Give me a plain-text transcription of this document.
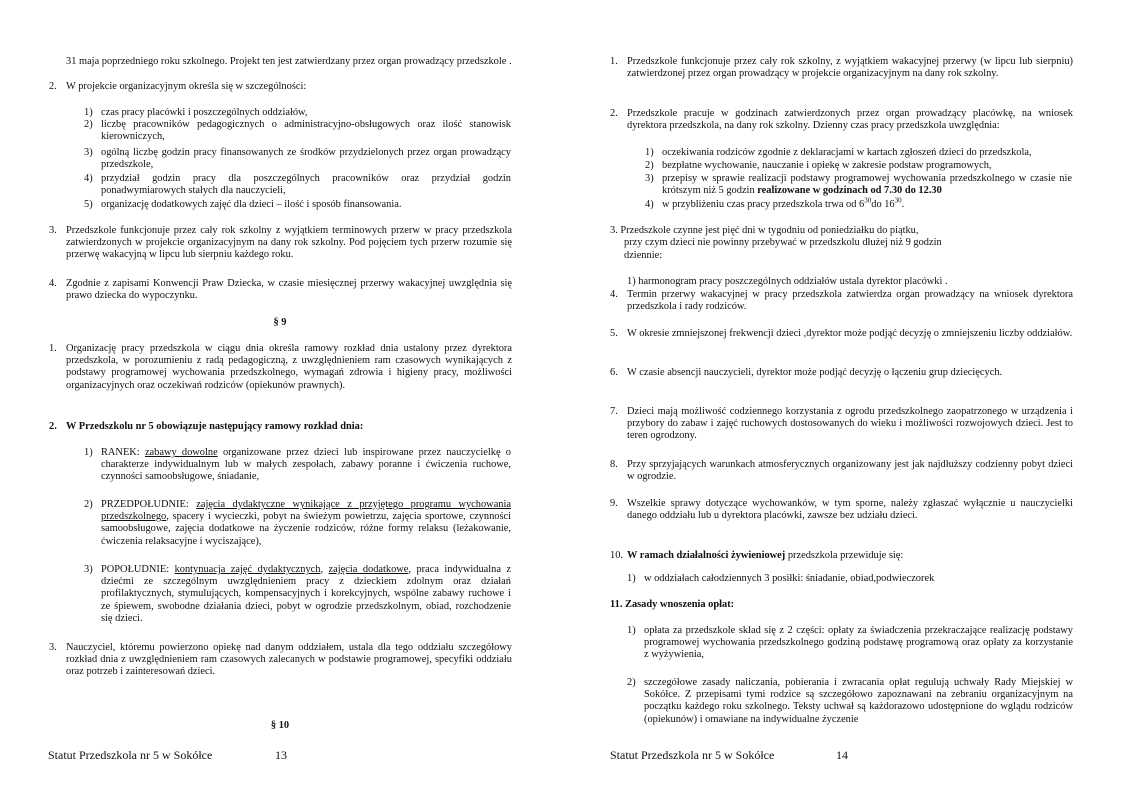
31 maja poprzedniego roku szkolnego. Projekt ten jest zatwierdzany przez organ prowadzący przedszkole .

2. W projekcie organizacyjnym określa się w szczególności:

1) czas pracy placówki i poszczególnych oddziałów,

2) liczbę pracowników pedagogicznych o administracyjno-obsługowych oraz ilość stanowisk kierowniczych,

3) ogólną liczbę godzin pracy finansowanych ze środków przydzielonych przez organ prowadzący przedszkole,

4) przydział godzin pracy dla poszczególnych pracowników oraz przydział godzin ponadwymiarowych stałych dla nauczycieli,

5) organizację dodatkowych zajęć dla dzieci – ilość i sposób finansowania.

3. Przedszkole funkcjonuje przez cały rok szkolny z wyjątkiem terminowych przerw w pracy przedszkola zatwierdzonych w projekcie organizacyjnym na dany rok szkolny. Pod pojęciem tych przerw rozumie się przerwę wakacyjną w lipcu lub sierpniu każdego roku.

4. Zgodnie z zapisami Konwencji Praw Dziecka, w czasie miesięcznej przerwy wakacyjnej uwzględnia się prawo dziecka do wypoczynku.

§ 9

1. Organizację pracy przedszkola w ciągu dnia określa ramowy rozkład dnia ustalony przez dyrektora przedszkola, w porozumieniu z radą pedagogiczną, z uwzględnieniem ram czasowych wynikających z podstawy programowej wychowania przedszkolnego, wymagań zdrowia i higieny pracy, możliwości organizacyjnych oraz oczekiwań rodziców (opiekunów prawnych).

2. W Przedszkolu nr 5 obowiązuje następujący ramowy rozkład dnia:

1) RANEK: zabawy dowolne organizowane przez dzieci lub inspirowane przez nauczycielkę o charakterze indywidualnym lub w małych zespołach, zabawy poranne i ćwiczenia ruchowe, czynności samoobsługowe, śniadanie,

2) PRZEDPOŁUDNIE: zajęcia dydaktyczne wynikające z przyjętego programu wychowania przedszkolnego, spacery i wycieczki, pobyt na świeżym powietrzu, zajęcia sportowe, czynności samoobsługowe, zajęcia dodatkowe na życzenie rodziców, różne formy relaksu (leżakowanie, ćwiczenia relaksacyjne i wyciszające),

3) POPOŁUDNIE: kontynuacja zajęć dydaktycznych, zajęcia dodatkowe, praca indywidualna z dziećmi ze szczególnym uwzględnieniem pracy z dzieckiem zdolnym oraz działań profilaktycznych, stymulujących, kompensacyjnych i korekcyjnych, wspólne zabawy ruchowe i ze śpiewem, swobodne działania dzieci, pobyt w ogrodzie przedszkolnym, obiad, rozchodzenie się dzieci.

3. Nauczyciel, któremu powierzono opiekę nad danym oddziałem, ustala dla tego oddziału szczegółowy rozkład dnia z uwzględnieniem ram czasowych zalecanych w podstawie programowej, specyfiki oddziału oraz potrzeb i zainteresowań dzieci.

§ 10

Statut Przedszkola nr 5 w Sokółce	13
1. Przedszkole funkcjonuje przez cały rok szkolny, z wyjątkiem wakacyjnej przerwy (w lipcu lub sierpniu) zatwierdzonej przez organ prowadzący w projekcie organizacyjnym na dany rok szkolny.

2. Przedszkole pracuje w godzinach zatwierdzonych przez organ prowadzący placówkę, na wniosek dyrektora przedszkola, na dany rok szkolny. Dzienny czas pracy przedszkola uwzględnia:

1) oczekiwania rodziców zgodnie z deklaracjami w kartach zgłoszeń dzieci do przedszkola,

2) bezpłatne wychowanie, nauczanie i opiekę w zakresie podstaw programowych,

3) przepisy w sprawie realizacji podstawy programowej wychowania przedszkolnego w czasie nie krótszym niż 5 godzin realizowane w godzinach od 7.30 do 12.30

4) w przybliżeniu czas pracy przedszkola trwa od $6^{30}do$ $16^{30}$.

3. Przedszkole czynne jest pięć dni w tygodniu od poniedziałku do piątku,

przy czym dzieci nie powinny przebywać w przedszkolu dłużej niż 9 godzin

dziennie:

1) harmonogram pracy poszczególnych oddziałów ustala dyrektor placówki .

4. Termin przerwy wakacyjnej w pracy przedszkola zatwierdza organ prowadzący na wniosek dyrektora przedszkola i rady rodziców.

5. W okresie zmniejszonej frekwencji dzieci ,dyrektor może podjąć decyzję o zmniejszeniu liczby oddziałów.

6. W czasie absencji nauczycieli, dyrektor może podjąć decyzję o łączeniu grup dziecięcych.

7. Dzieci mają możliwość codziennego korzystania z ogrodu przedszkolnego zaopatrzonego w urządzenia i przybory do zabaw i zajęć ruchowych dostosowanych do wieku i możliwości rozwojowych dzieci. Jest to teren ogrodzony.

8. Przy sprzyjających warunkach atmosferycznych organizowany jest jak najdłuższy codzienny pobyt dzieci w ogrodzie.

9. Wszelkie sprawy dotyczące wychowanków, w tym sporne, należy zgłaszać wyłącznie u nauczycielki danego oddziału lub u dyrektora placówki, zawsze bez udziału dzieci.

10. W ramach działalności żywieniowej przedszkola przewiduje się:

1) w oddziałach całodziennych 3 posiłki: śniadanie, obiad,podwieczorek

11. Zasady wnoszenia opłat:

1) opłata za przedszkole skład się z 2 części: opłaty za świadczenia przekraczające realizację podstawy programowej wychowania przedszkolnego godziną podstawę programową oraz opłaty za korzystanie z wyżywienia,

2) szczegółowe zasady naliczania, pobierania i zwracania opłat regulują uchwały Rady Miejskiej w Sokółce. Z przepisami tymi rodzice są szczegółowo zapoznawani na zebraniu organizacyjnym na początku każdego roku szkolnego. Teksty uchwał są każdorazowo udostępnione do wglądu rodziców (opiekunów) i omawiane na indywidualne życzenie

Statut Przedszkola nr 5 w Sokółce	14
